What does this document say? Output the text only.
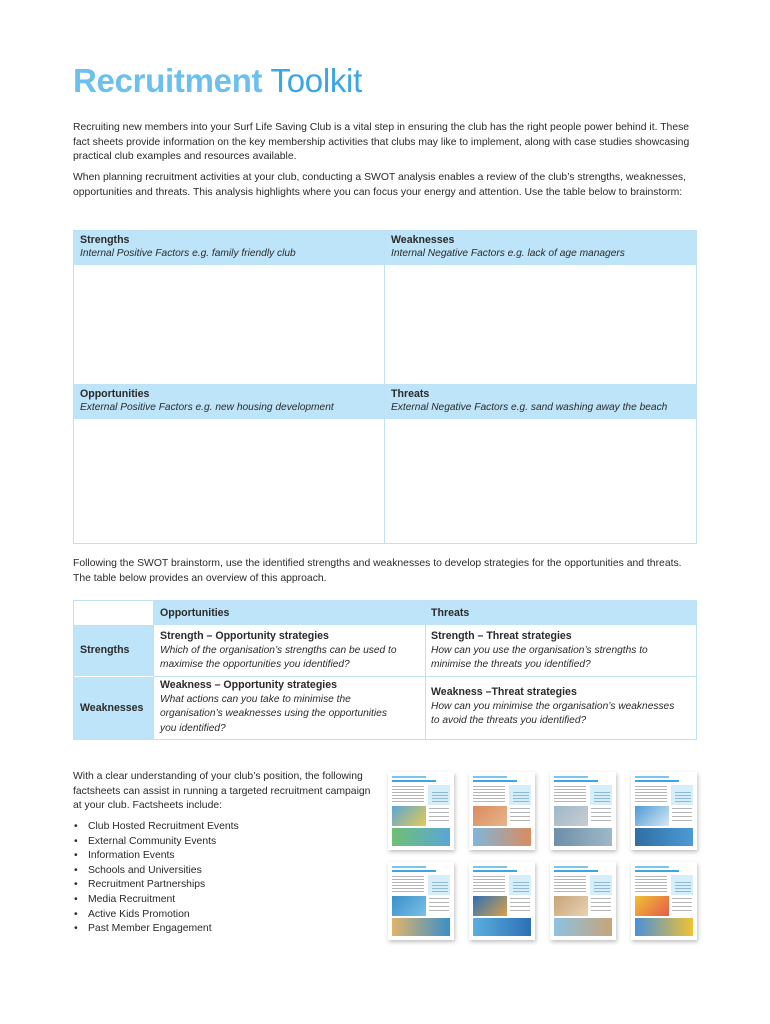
Recruitment Toolkit

Recruiting new members into your Surf Life Saving Club is a vital step in ensuring the club has the right people power behind it. These fact sheets provide information on the key membership activities that clubs may like to implement, along with case studies showcasing practical club examples and resources available.

When planning recruitment activities at your club, conducting a SWOT analysis enables a review of the club’s strengths, weaknesses, opportunities and threats. This analysis highlights where you can focus your energy and attention. Use the table below to brainstorm:

Strengths
Internal Positive Factors e.g. family friendly club
Weaknesses
Internal Negative Factors e.g. lack of age managers
Opportunities
External Positive Factors e.g. new housing development
Threats
External Negative Factors e.g. sand washing away the beach

Following the SWOT brainstorm, use the identified strengths and weaknesses to develop strategies for the opportunities and threats. The table below provides an overview of this approach.

Opportunities	Threats
Strengths
Weaknesses
Strength – Opportunity strategies
Which of the organisation’s strengths can be used to
maximise the opportunities you identified?
Strength – Threat strategies
How can you use the organisation’s strengths to
minimise the threats you identified?
Weakness – Opportunity strategies
What actions can you take to minimise the
organisation’s weaknesses using the opportunities
you identified?
Weakness –Threat strategies
How can you minimise the organisation’s weaknesses
to avoid the threats you identified?
With a clear understanding of your club’s position, the following factsheets can assist in running a targeted recruitment campaign at your club. Factsheets include:
• Club Hosted Recruitment Events
• External Community Events
• Information Events
• Schools and Universities
• Recruitment Partnerships
• Media Recruitment
• Active Kids Promotion
• Past Member Engagement
